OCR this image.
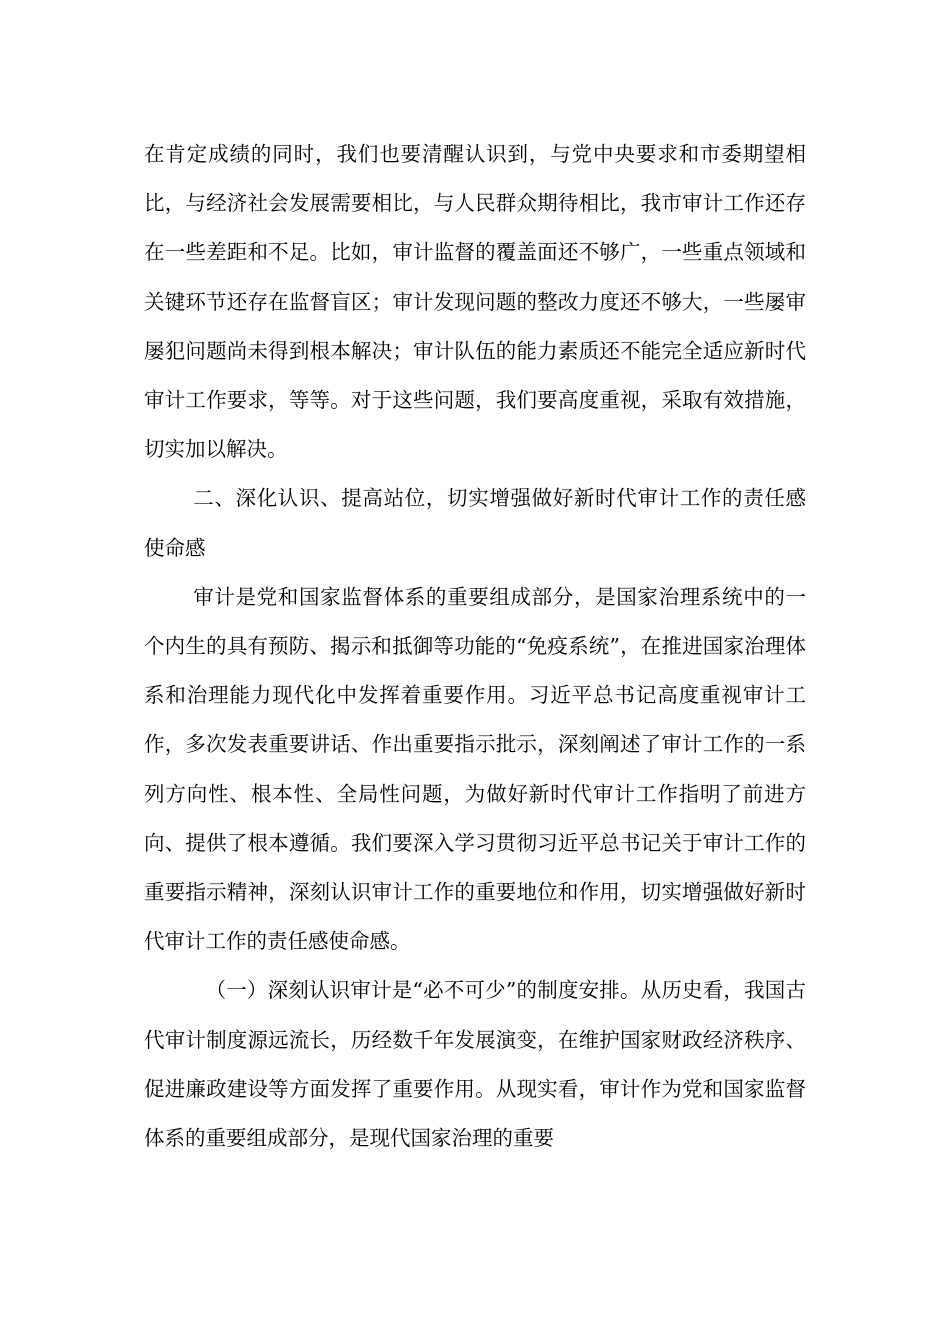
在肯定成绩的同时，我们也要清醒认识到，与党中央要求和市委期望相比，与经济社会发展需要相比，与人民群众期待相比，我市审计工作还存在一些差距和不足。比如，审计监督的覆盖面还不够广，一些重点领域和关键环节还存在监督盲区；审计发现问题的整改力度还不够大，一些屡审屡犯问题尚未得到根本解决；审计队伍的能力素质还不能完全适应新时代审计工作要求，等等。对于这些问题，我们要高度重视，采取有效措施，切实加以解决。

二、深化认识、提高站位，切实增强做好新时代审计工作的责任感使命感

审计是党和国家监督体系的重要组成部分，是国家治理系统中的一个内生的具有预防、揭示和抵御等功能的“免疫系统”，在推进国家治理体系和治理能力现代化中发挥着重要作用。习近平总书记高度重视审计工作，多次发表重要讲话、作出重要指示批示，深刻阐述了审计工作的一系列方向性、根本性、全局性问题，为做好新时代审计工作指明了前进方向、提供了根本遵循。我们要深入学习贯彻习近平总书记关于审计工作的重要指示精神，深刻认识审计工作的重要地位和作用，切实增强做好新时代审计工作的责任感使命感。

（一）深刻认识审计是“必不可少”的制度安排。从历史看，我国古代审计制度源远流长，历经数千年发展演变，在维护国家财政经济秩序、促进廉政建设等方面发挥了重要作用。从现实看，审计作为党和国家监督体系的重要组成部分，是现代国家治理的重要
